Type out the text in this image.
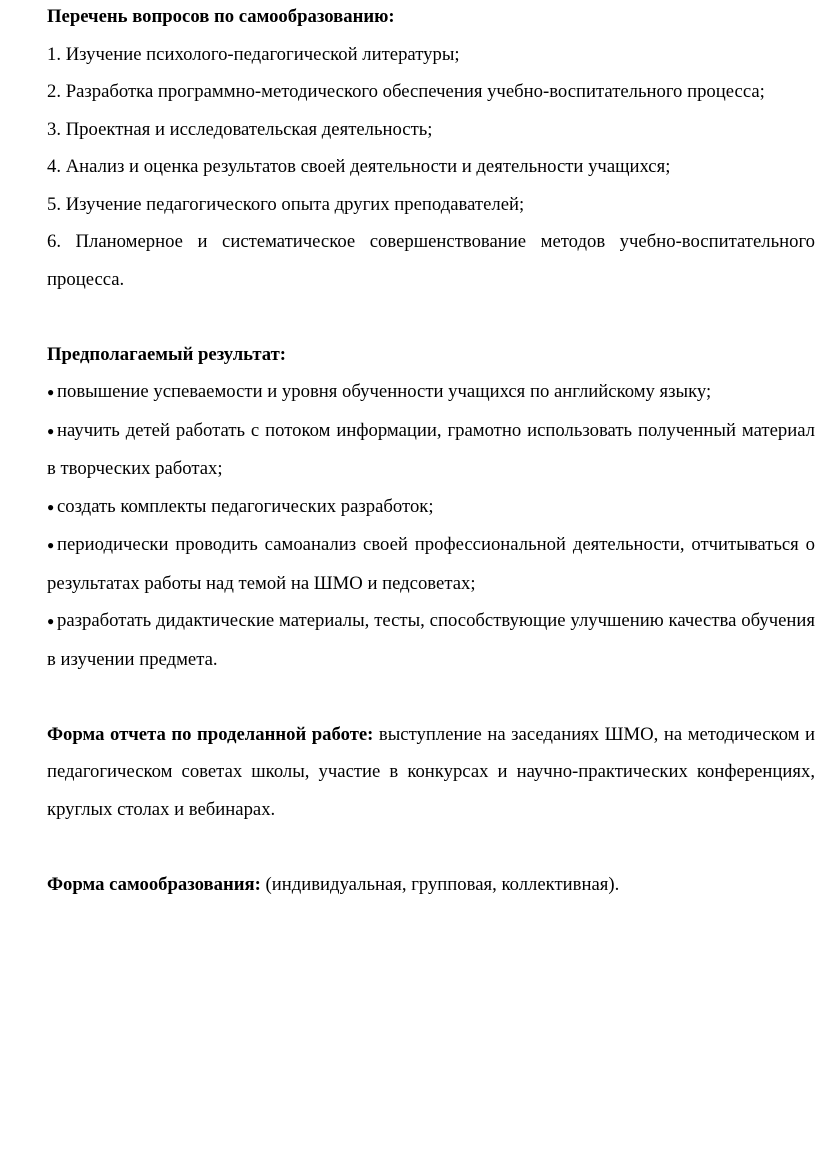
Перечень вопросов по самообразованию:

1. Изучение психолого-педагогической литературы;

2. Разработка программно-методического обеспечения учебно-воспитательного процесса;

3. Проектная и исследовательская деятельность;

4. Анализ и оценка результатов своей деятельности и деятельности учащихся;

5. Изучение педагогического опыта других преподавателей;

6. Планомерное и систематическое совершенствование методов учебно-воспитательного процесса.

Предполагаемый результат:

● повышение успеваемости и уровня обученности учащихся по английскому языку;

● научить детей работать с потоком информации, грамотно использовать полученный материал в творческих работах;

● создать комплекты педагогических разработок;

● периодически проводить самоанализ своей профессиональной деятельности, отчитываться о результатах работы над темой на ШМО и педсоветах;

● разработать дидактические материалы, тесты, способствующие улучшению качества обучения в изучении предмета.

Форма отчета по проделанной работе: выступление на заседаниях ШМО, на методическом и педагогическом советах школы, участие в конкурсах и научно-практических конференциях, круглых столах и вебинарах.

Форма самообразования: (индивидуальная, групповая, коллективная).
